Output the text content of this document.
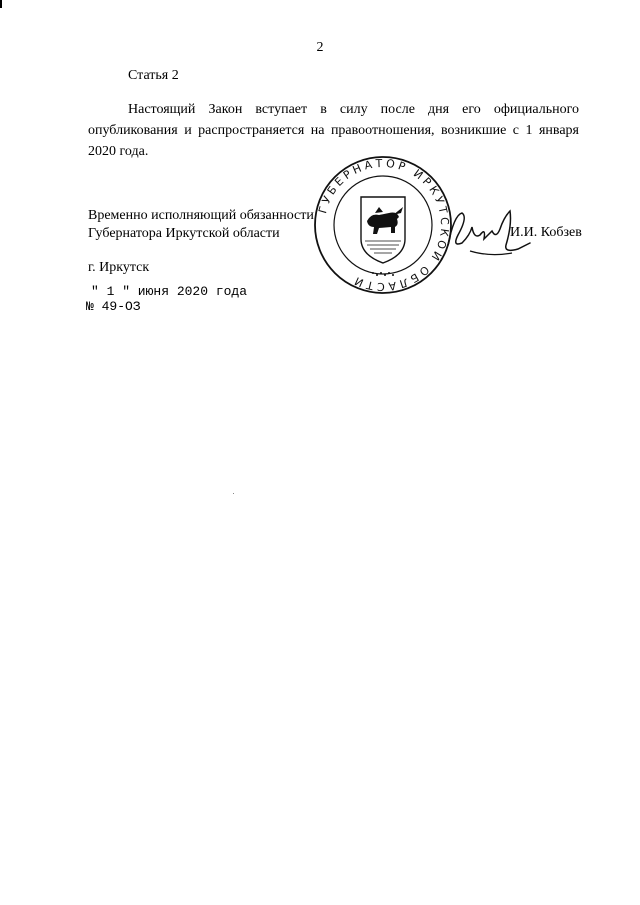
2
Статья 2
Настоящий Закон вступает в силу после дня его официального опубликования и распространяется на правоотношения, возникшие с 1 января 2020 года.
Временно исполняющий обязанности
Губернатора Иркутской области
ГУБЕРНАТОР ИРКУТСКОЙ ОБЛАСТИ
И.И. Кобзев
г. Иркутск
" 1 " июня 2020 года
№ 49-ОЗ
